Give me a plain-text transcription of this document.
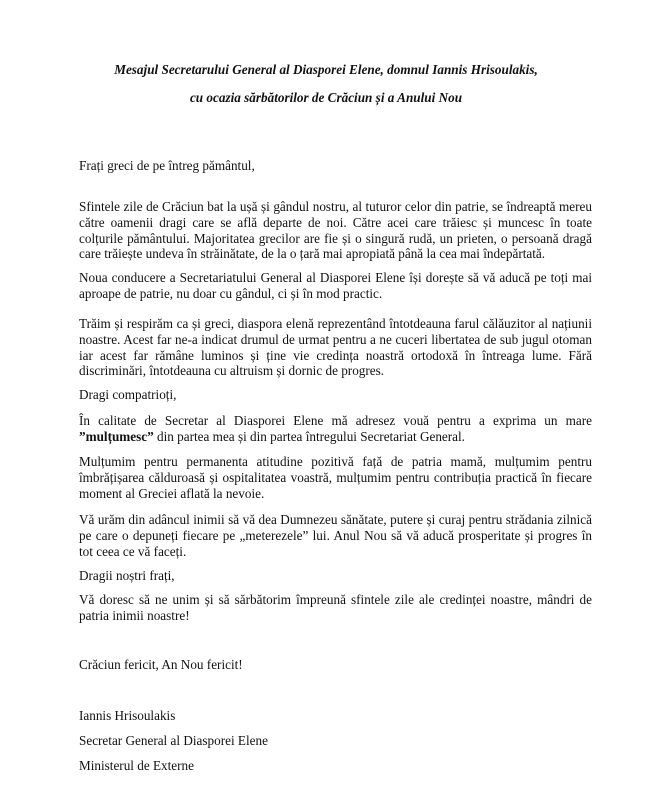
Mesajul Secretarului General al Diasporei Elene, domnul Iannis Hrisoulakis,
cu ocazia sărbătorilor de Crăciun și a Anului Nou

Frați greci de pe întreg pământul,

Sfintele zile de Crăciun bat la ușă și gândul nostru, al tuturor celor din patrie, se îndreaptă mereu către oamenii dragi care se află departe de noi. Către acei care trăiesc și muncesc în toate colțurile pământului. Majoritatea grecilor are fie și o singură rudă, un prieten, o persoană dragă care trăiește undeva în străinătate, de la o țară mai apropiată până la cea mai îndepărtată.

Noua conducere a Secretariatului General al Diasporei Elene își dorește să vă aducă pe toți mai aproape de patrie, nu doar cu gândul, ci și în mod practic.

Trăim și respirăm ca și greci, diaspora elenă reprezentând întotdeauna farul călăuzitor al națiunii noastre. Acest far ne-a indicat drumul de urmat pentru a ne cuceri libertatea de sub jugul otoman iar acest far rămâne luminos și ține vie credința noastră ortodoxă în întreaga lume. Fără discriminări, întotdeauna cu altruism și dornic de progres.

Dragi compatrioți,

În calitate de Secretar al Diasporei Elene mă adresez vouă pentru a exprima un mare ”mulțumesc” din partea mea și din partea întregului Secretariat General.

Mulțumim pentru permanenta atitudine pozitivă față de patria mamă, mulțumim pentru îmbrățișarea călduroasă și ospitalitatea voastră, mulțumim pentru contribuția practică în fiecare moment al Greciei aflată la nevoie.

Vă urăm din adâncul inimii să vă dea Dumnezeu sănătate, putere și curaj pentru strădania zilnică pe care o depuneți fiecare pe „meterezele” lui. Anul Nou să vă aducă prosperitate și progres în tot ceea ce vă faceți.

Dragii noștri frați,

Vă doresc să ne unim și să sărbătorim împreună sfintele zile ale credinței noastre, mândri de patria inimii noastre!

Crăciun fericit, An Nou fericit!

Iannis Hrisoulakis

Secretar General al Diasporei Elene

Ministerul de Externe
